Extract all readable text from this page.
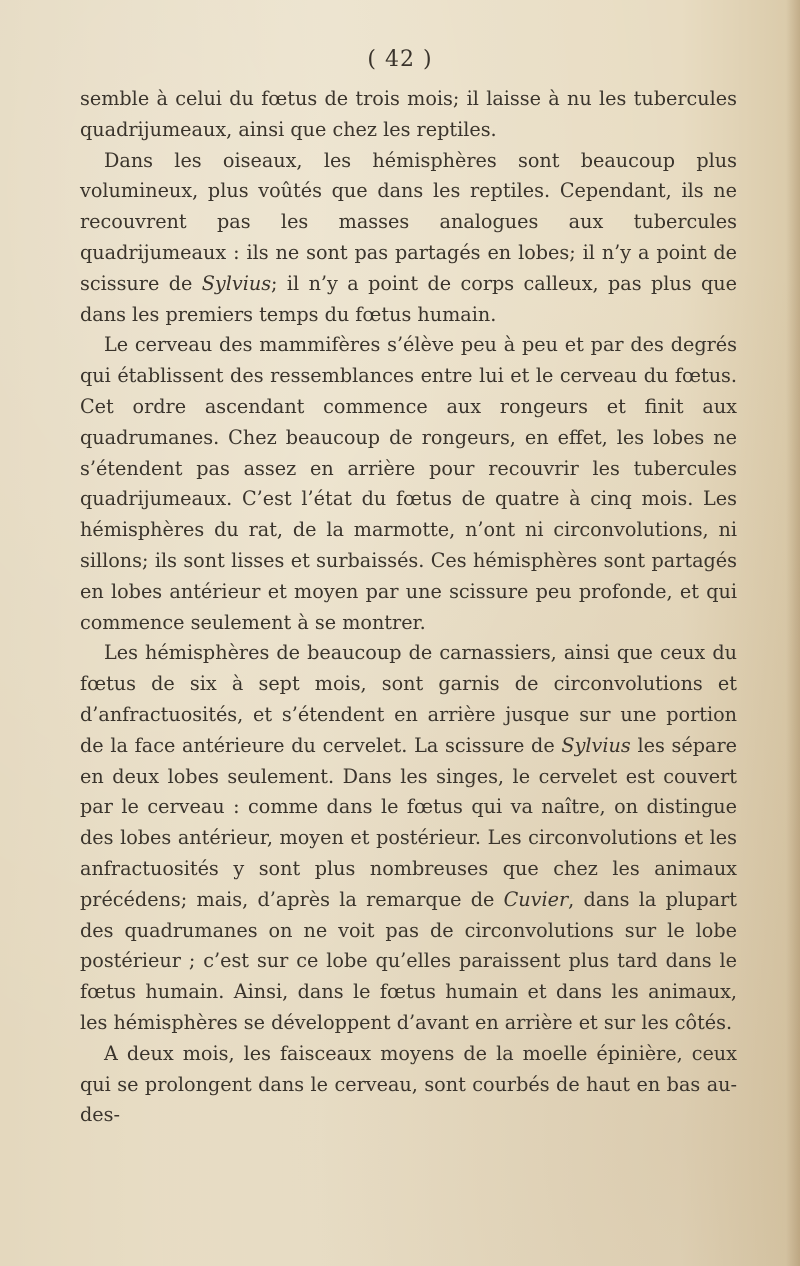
( 42 )

semble à celui du fœtus de trois mois; il laisse à nu les tubercules quadrijumeaux, ainsi que chez les reptiles.

Dans les oiseaux, les hémisphères sont beaucoup plus volumineux, plus voûtés que dans les reptiles. Cependant, ils ne recouvrent pas les masses analogues aux tubercules quadrijumeaux : ils ne sont pas partagés en lobes; il n’y a point de scissure de Sylvius; il n’y a point de corps calleux, pas plus que dans les premiers temps du fœtus humain.

Le cerveau des mammifères s’élève peu à peu et par des degrés qui établissent des ressemblances entre lui et le cerveau du fœtus. Cet ordre ascendant commence aux rongeurs et finit aux quadrumanes. Chez beaucoup de rongeurs, en effet, les lobes ne s’étendent pas assez en arrière pour recouvrir les tubercules quadrijumeaux. C’est l’état du fœtus de quatre à cinq mois. Les hémisphères du rat, de la marmotte, n’ont ni circonvolutions, ni sillons; ils sont lisses et surbaissés. Ces hémisphères sont partagés en lobes antérieur et moyen par une scissure peu profonde, et qui commence seulement à se montrer.

Les hémisphères de beaucoup de carnassiers, ainsi que ceux du fœtus de six à sept mois, sont garnis de circonvolutions et d’anfractuosités, et s’étendent en arrière jusque sur une portion de la face antérieure du cervelet. La scissure de Sylvius les sépare en deux lobes seulement. Dans les singes, le cervelet est couvert par le cerveau : comme dans le fœtus qui va naître, on distingue des lobes antérieur, moyen et postérieur. Les circonvolutions et les anfractuosités y sont plus nombreuses que chez les animaux précédens; mais, d’après la remarque de Cuvier, dans la plupart des quadrumanes on ne voit pas de circonvolutions sur le lobe postérieur ; c’est sur ce lobe qu’elles paraissent plus tard dans le fœtus humain. Ainsi, dans le fœtus humain et dans les animaux, les hémisphères se développent d’avant en arrière et sur les côtés.

A deux mois, les faisceaux moyens de la moelle épinière, ceux qui se prolongent dans le cerveau, sont courbés de haut en bas au-des-
